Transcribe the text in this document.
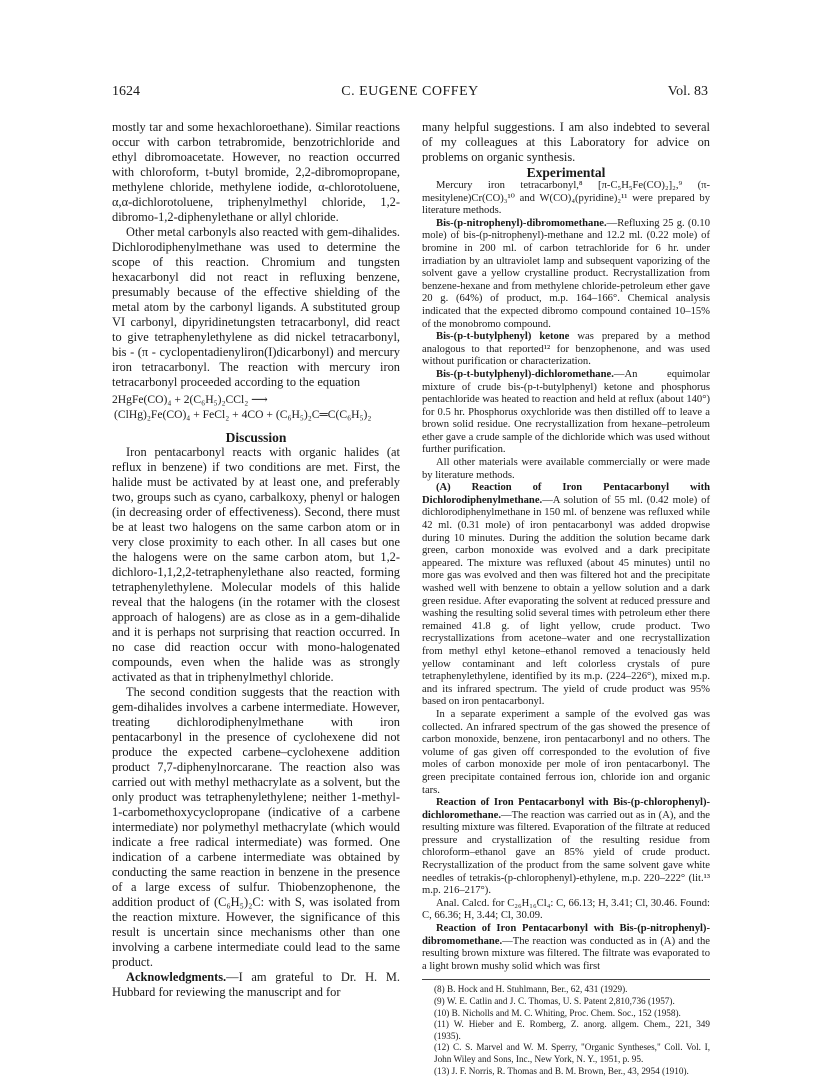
1624	C. EUGENE COFFEY	Vol. 83

mostly tar and some hexachloroethane). Similar reactions occur with carbon tetrabromide, benzotrichloride and ethyl dibromoacetate. However, no reaction occurred with chloroform, t-butyl bromide, 2,2-dibromopropane, methylene chloride, methylene iodide, α-chlorotoluene, α,α-dichlorotoluene, triphenylmethyl chloride, 1,2-dibromo-1,2-diphenylethane or allyl chloride.

Other metal carbonyls also reacted with gem-dihalides. Dichlorodiphenylmethane was used to determine the scope of this reaction. Chromium and tungsten hexacarbonyl did not react in refluxing benzene, presumably because of the effective shielding of the metal atom by the carbonyl ligands. A substituted group VI carbonyl, dipyridinetungsten tetracarbonyl, did react to give tetraphenylethylene as did nickel tetracarbonyl, bis - (π - cyclopentadienyliron(I)dicarbonyl) and mercury iron tetracarbonyl. The reaction with mercury iron tetracarbonyl proceeded according to the equation

2HgFe(CO)₄ + 2(C₆H₅)₂CCl₂ ⟶
(ClHg)₂Fe(CO)₄ + FeCl₂ + 4CO + (C₆H₅)₂C═C(C₆H₅)₂

Discussion

Iron pentacarbonyl reacts with organic halides (at reflux in benzene) if two conditions are met. First, the halide must be activated by at least one, and preferably two, groups such as cyano, carbalkoxy, phenyl or halogen (in decreasing order of effectiveness). Second, there must be at least two halogens on the same carbon atom or in very close proximity to each other. In all cases but one the halogens were on the same carbon atom, but 1,2-dichloro-1,1,2,2-tetraphenylethane also reacted, forming tetraphenylethylene. Molecular models of this halide reveal that the halogens (in the rotamer with the closest approach of halogens) are as close as in a gem-dihalide and it is perhaps not surprising that reaction occurred. In no case did reaction occur with mono-halogenated compounds, even when the halide was as strongly activated as that in triphenylmethyl chloride.

The second condition suggests that the reaction with gem-dihalides involves a carbene intermediate. However, treating dichlorodiphenylmethane with iron pentacarbonyl in the presence of cyclohexene did not produce the expected carbene–cyclohexene addition product 7,7-diphenylnorcarane. The reaction also was carried out with methyl methacrylate as a solvent, but the only product was tetraphenylethylene; neither 1-methyl-1-carbomethoxycyclopropane (indicative of a carbene intermediate) nor polymethyl methacrylate (which would indicate a free radical intermediate) was formed. One indication of a carbene intermediate was obtained by conducting the same reaction in benzene in the presence of a large excess of sulfur. Thiobenzophenone, the addition product of (C₆H₅)₂C: with S, was isolated from the reaction mixture. However, the significance of this result is uncertain since mechanisms other than one involving a carbene intermediate could lead to the same product.

Acknowledgments.—I am grateful to Dr. H. M. Hubbard for reviewing the manuscript and for

many helpful suggestions. I am also indebted to several of my colleagues at this Laboratory for advice on problems on organic synthesis.

Experimental

Mercury iron tetracarbonyl,⁸ [π-C₅H₅Fe(CO)₂]₂,⁹ (π-mesitylene)Cr(CO)₃¹⁰ and W(CO)₄(pyridine)₂¹¹ were prepared by literature methods.

Bis-(p-nitrophenyl)-dibromomethane.—Refluxing 25 g. (0.10 mole) of bis-(p-nitrophenyl)-methane and 12.2 ml. (0.22 mole) of bromine in 200 ml. of carbon tetrachloride for 6 hr. under irradiation by an ultraviolet lamp and subsequent vaporizing of the solvent gave a yellow crystalline product. Recrystallization from benzene-hexane and from methylene chloride-petroleum ether gave 20 g. (64%) of product, m.p. 164–166°. Chemical analysis indicated that the expected dibromo compound contained 10–15% of the monobromo compound.

Bis-(p-t-butylphenyl) ketone was prepared by a method analogous to that reported¹² for benzophenone, and was used without purification or characterization.

Bis-(p-t-butylphenyl)-dichloromethane.—An equimolar mixture of crude bis-(p-t-butylphenyl) ketone and phosphorus pentachloride was heated to reaction and held at reflux (about 140°) for 0.5 hr. Phosphorus oxychloride was then distilled off to leave a brown solid residue. One recrystallization from hexane–petroleum ether gave a crude sample of the dichloride which was used without further purification.

All other materials were available commercially or were made by literature methods.

(A) Reaction of Iron Pentacarbonyl with Dichlorodiphenylmethane.—A solution of 55 ml. (0.42 mole) of dichlorodiphenylmethane in 150 ml. of benzene was refluxed while 42 ml. (0.31 mole) of iron pentacarbonyl was added dropwise during 10 minutes. During the addition the solution became dark green, carbon monoxide was evolved and a dark precipitate appeared. The mixture was refluxed (about 45 minutes) until no more gas was evolved and then was filtered hot and the precipitate washed well with benzene to obtain a yellow solution and a dark green residue. After evaporating the solvent at reduced pressure and washing the resulting solid several times with petroleum ether there remained 41.8 g. of light yellow, crude product. Two recrystallizations from acetone–water and one recrystallization from methyl ethyl ketone–ethanol removed a tenaciously held yellow contaminant and left colorless crystals of pure tetraphenylethylene, identified by its m.p. (224–226°), mixed m.p. and its infrared spectrum. The yield of crude product was 95% based on iron pentacarbonyl.

In a separate experiment a sample of the evolved gas was collected. An infrared spectrum of the gas showed the presence of carbon monoxide, benzene, iron pentacarbonyl and no others. The volume of gas given off corresponded to the evolution of five moles of carbon monoxide per mole of iron pentacarbonyl. The green precipitate contained ferrous ion, chloride ion and organic tars.

Reaction of Iron Pentacarbonyl with Bis-(p-chlorophenyl)-dichloromethane.—The reaction was carried out as in (A), and the resulting mixture was filtered. Evaporation of the filtrate at reduced pressure and crystallization of the resulting residue from chloroform–ethanol gave an 85% yield of crude product. Recrystallization of the product from the same solvent gave white needles of tetrakis-(p-chlorophenyl)-ethylene, m.p. 220–222° (lit.¹³ m.p. 216–217°).

Anal. Calcd. for C₂₆H₁₆Cl₄: C, 66.13; H, 3.41; Cl, 30.46. Found: C, 66.36; H, 3.44; Cl, 30.09.

Reaction of Iron Pentacarbonyl with Bis-(p-nitrophenyl)-dibromomethane.—The reaction was conducted as in (A) and the resulting brown mixture was filtered. The filtrate was evaporated to a light brown mushy solid which was first

(8) B. Hock and H. Stuhlmann, Ber., 62, 431 (1929).

(9) W. E. Catlin and J. C. Thomas, U. S. Patent 2,810,736 (1957).

(10) B. Nicholls and M. C. Whiting, Proc. Chem. Soc., 152 (1958).

(11) W. Hieber and E. Romberg, Z. anorg. allgem. Chem., 221, 349 (1935).

(12) C. S. Marvel and W. M. Sperry, "Organic Syntheses," Coll. Vol. I, John Wiley and Sons, Inc., New York, N. Y., 1951, p. 95.

(13) J. F. Norris, R. Thomas and B. M. Brown, Ber., 43, 2954 (1910).
